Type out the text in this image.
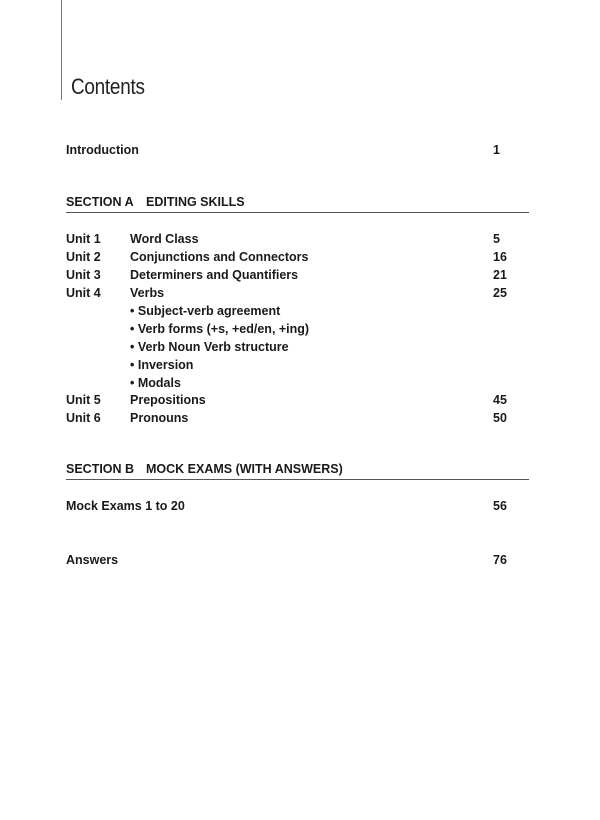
Contents
Introduction	1
SECTION A EDITING SKILLS
Unit 1 Word Class	5
Unit 2 Conjunctions and Connectors	16
Unit 3 Determiners and Quantifiers	21
Unit 4 Verbs	25
• Subject-verb agreement
• Verb forms (+s, +ed/en, +ing)
• Verb Noun Verb structure
• Inversion
• Modals
Unit 5 Prepositions	45
Unit 6 Pronouns	50
SECTION B MOCK EXAMS (WITH ANSWERS)
Mock Exams 1 to 20	56
Answers	76
